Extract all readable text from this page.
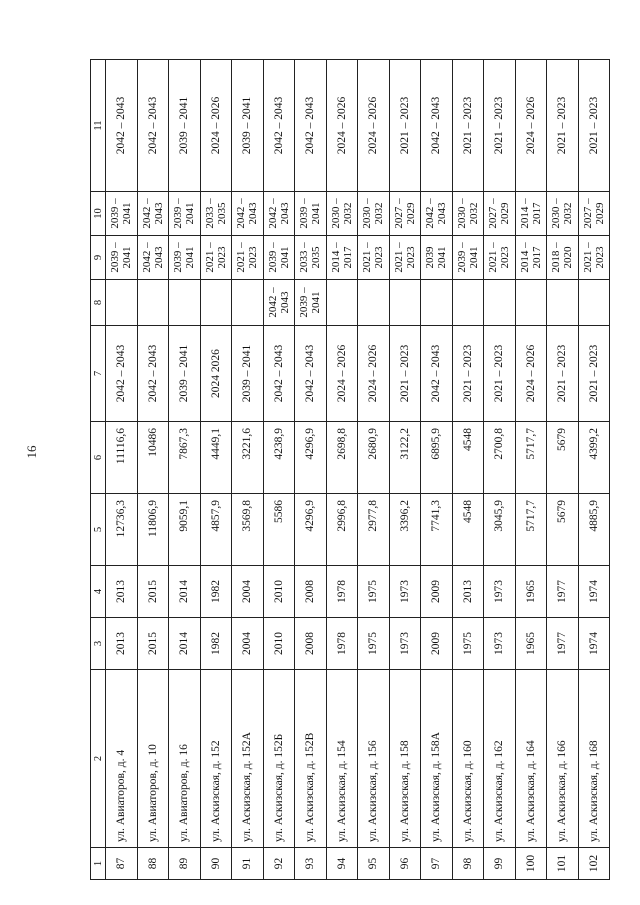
16
1	2	3	4	5	6	7	8	9	10	11
87	ул. Авиаторов, д. 4	2013	2013	12736,3	11116,6	2042 – 2043		2039 – 2041	2039 – 2041	2042 – 2043
88	ул. Авиаторов, д. 10	2015	2015	11806,9	10486	2042 – 2043		2042 – 2043	2042 – 2043	2042 – 2043
89	ул. Авиаторов, д. 16	2014	2014	9059,1	7867,3	2039 – 2041		2039 – 2041	2039 – 2041	2039 – 2041
90	ул. Аскизская, д. 152	1982	1982	4857,9	4449,1	2024 2026		2021 – 2023	2033 – 2035	2024 – 2026
91	ул. Аскизская, д. 152А	2004	2004	3569,8	3221,6	2039 – 2041		2021 – 2023	2042 – 2043	2039 – 2041
92	ул. Аскизская, д. 152Б	2010	2010	5586	4238,9	2042 – 2043	2042 – 2043	2039 – 2041	2042 – 2043	2042 – 2043
93	ул. Аскизская, д. 152В	2008	2008	4296,9	4296,9	2042 – 2043	2039 – 2041	2033 – 2035	2039 – 2041	2042 – 2043
94	ул. Аскизская, д. 154	1978	1978	2996,8	2698,8	2024 – 2026		2014 – 2017	2030 – 2032	2024 – 2026
95	ул. Аскизская, д. 156	1975	1975	2977,8	2680,9	2024 – 2026		2021 – 2023	2030 – 2032	2024 – 2026
96	ул. Аскизская, д. 158	1973	1973	3396,2	3122,2	2021 – 2023		2021 – 2023	2027 – 2029	2021 – 2023
97	ул. Аскизская, д. 158А	2009	2009	7741,3	6895,9	2042 – 2043		2039 2041	2042 – 2043	2042 – 2043
98	ул. Аскизская, д. 160	1975	2013	4548	4548	2021 – 2023		2039 – 2041	2030 – 2032	2021 – 2023
99	ул. Аскизская, д. 162	1973	1973	3045,9	2700,8	2021 – 2023		2021 – 2023	2027 – 2029	2021 – 2023
100	ул. Аскизская, д. 164	1965	1965	5717,7	5717,7	2024 – 2026		2014 – 2017	2014 – 2017	2024 – 2026
101	ул. Аскизская, д. 166	1977	1977	5679	5679	2021 – 2023		2018 – 2020	2030 – 2032	2021 – 2023
102	ул. Аскизская, д. 168	1974	1974	4885,9	4399,2	2021 – 2023		2021 – 2023	2027 – 2029	2021 – 2023
